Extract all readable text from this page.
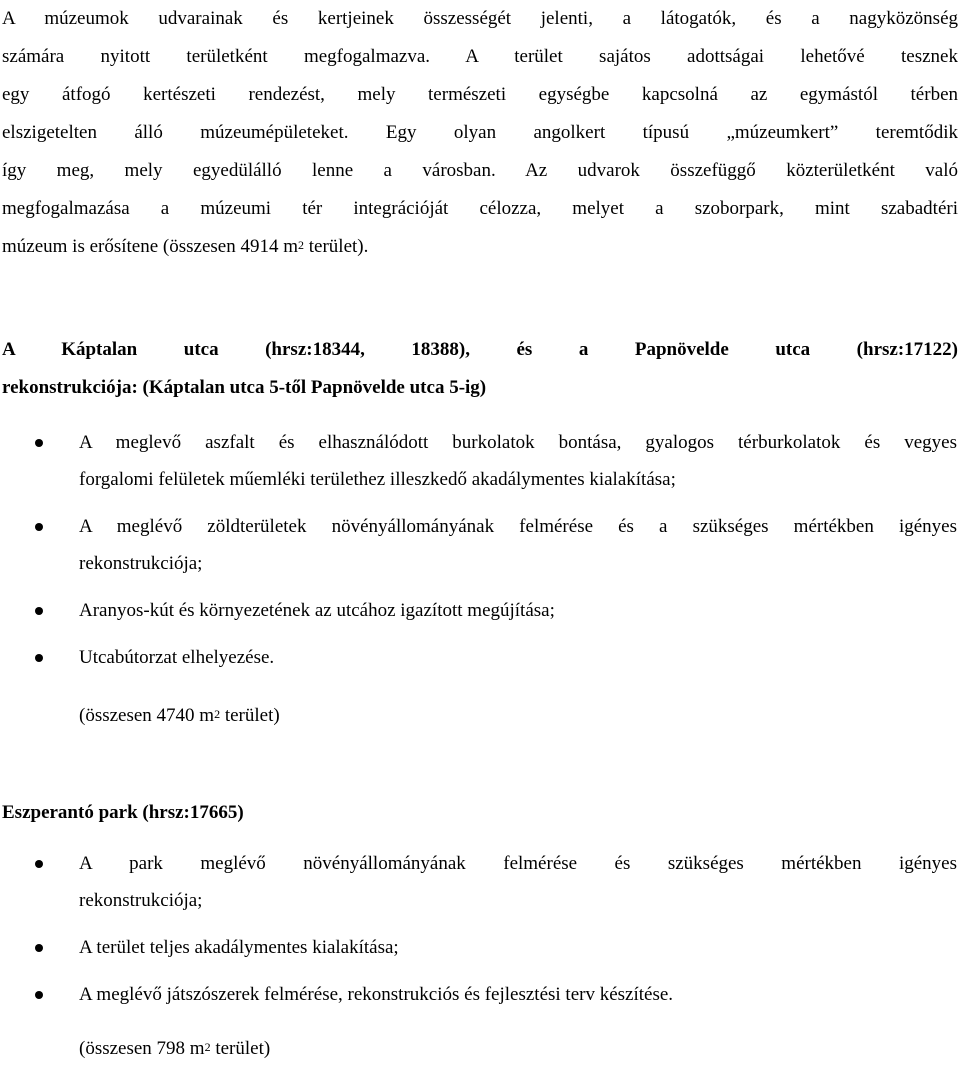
A múzeumok udvarainak és kertjeinek összességét jelenti, a látogatók, és a nagyközönség
számára nyitott területként megfogalmazva. A terület sajátos adottságai lehetővé tesznek
egy átfogó kertészeti rendezést, mely természeti egységbe kapcsolná az egymástól térben
elszigetelten álló múzeumépületeket. Egy olyan angolkert típusú „múzeumkert” teremtődik
így meg, mely egyedülálló lenne a városban. Az udvarok összefüggő közterületként való
megfogalmazása a múzeumi tér integrációját célozza, melyet a szoborpark, mint szabadtéri
múzeum is erősítene (összesen 4914 $m^2$ terület).
A Káptalan utca (hrsz:18344, 18388), és a Papnövelde utca (hrsz:17122)
rekonstrukciója: (Káptalan utca 5-től Papnövelde utca 5-ig)
A meglevő aszfalt és elhasználódott burkolatok bontása, gyalogos térburkolatok és vegyes
forgalomi felületek műemléki területhez illeszkedő akadálymentes kialakítása;
A meglévő zöldterületek növényállományának felmérése és a szükséges mértékben igényes
rekonstrukciója;
Aranyos-kút és környezetének az utcához igazított megújítása;
Utcabútorzat elhelyezése.

(összesen 4740 $m^2$ terület)

Eszperantó park (hrsz:17665)
A park meglévő növényállományának felmérése és szükséges mértékben igényes
rekonstrukciója;
A terület teljes akadálymentes kialakítása;
A meglévő játszószerek felmérése, rekonstrukciós és fejlesztési terv készítése.

(összesen 798 $m^2$ terület)
